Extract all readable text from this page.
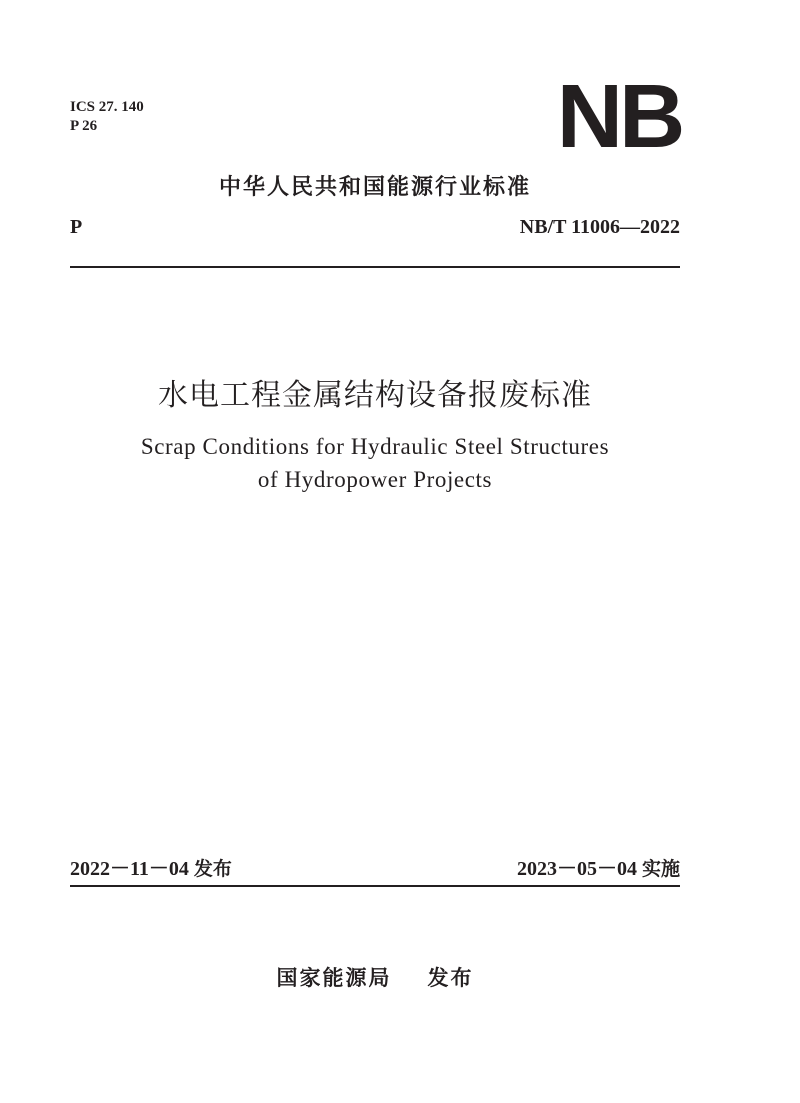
ICS 27. 140
P 26	NB
中华人民共和国能源行业标准
P	NB/T 11006—2022
水电工程金属结构设备报废标准
Scrap Conditions for Hydraulic Steel Structures
of Hydropower Projects
2022－11－04 发布	2023－05－04 实施
国家能源局 发布
